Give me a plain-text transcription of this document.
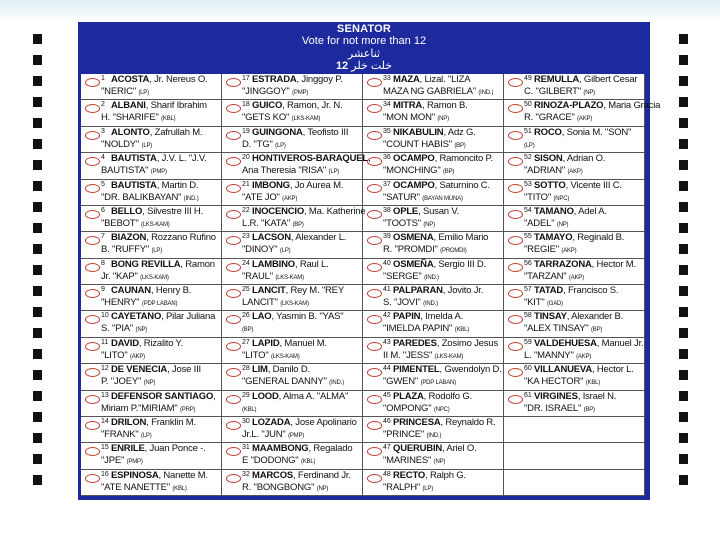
SENATOR
Vote for not more than 12
ثناعشر
12 خلت خلر
1 ACOSTA, Jr. Nereus O.
"NERIC" (LP)
17 ESTRADA, Jinggoy P.
"JINGGOY" (PMP)
33 MAZA, Lizal. "LIZA
MAZA NG GABRIELA" (IND.)
49 REMULLA, Gilbert Cesar
C. "GILBERT" (NP)
2 ALBANI, Sharif Ibrahim
H. "SHARIFE" (KBL)
18 GUICO, Ramon, Jr. N.
"GETS KO" (LKS-KAM)
34 MITRA, Ramon B.
"MON MON" (NP)
50 RINOZA-PLAZO, Maria Gracia
R. "GRACE" (AKP)
3 ALONTO, Zafrullah M.
"NOLDY" (LP)
19 GUINGONA, Teofisto III
D. "TG" (LP)
35 NIKABULIN, Adz G.
"COUNT HABIS" (BP)
51 ROCO, Sonia M. "SON"
(LP)
4 BAUTISTA, J.V. L. "J.V.
BAUTISTA" (PMP)
20 HONTIVEROS-BARAQUEL,
Ana Theresia "RISA" (LP)
36 OCAMPO, Ramoncito P.
"MONCHING" (BP)
52 SISON, Adrian O.
"ADRIAN" (AKP)
5 BAUTISTA, Martin D.
"DR. BALIKBAYAN" (IND.)
21 IMBONG, Jo Aurea M.
"ATE JO" (AKP)
37 OCAMPO, Saturnino C.
"SATUR" (BAYAN MUNA)
53 SOTTO, Vicente III C.
"TITO" (NPC)
6 BELLO, Silvestre III H.
"BEBOT" (LKS-KAM)
22 INOCENCIO, Ma. Katherine
L.R. "KATA" (BP)
38 OPLE, Susan V.
"TOOTS" (NP)
54 TAMANO, Adel A.
"ADEL" (NP)
7 BIAZON, Rozzano Rufino
B. "RUFFY" (LP)
23 LACSON, Alexander L.
"DINOY" (LP)
39 OSMENA, Emilio Mario
R. "PROMDI" (PROMDI)
55 TAMAYO, Reginald B.
"REGIE" (AKP)
8 BONG REVILLA, Ramon
Jr. "KAP" (LKS-KAM)
24 LAMBINO, Raul L.
"RAUL" (LKS-KAM)
40 OSMEÑA, Sergio III D.
"SERGE" (IND.)
56 TARRAZONA, Hector M.
"TARZAN" (AKP)
9 CAUNAN, Henry B.
"HENRY" (PDP LABAN)
25 LANCIT, Rey M. "REY
LANCIT" (LKS-KAM)
41 PALPARAN, Jovito Jr.
S. "JOVI" (IND.)
57 TATAD, Francisco S.
"KIT" (GAD)
10 CAYETANO, Pilar Juliana
S. "PIA" (NP)
26 LAO, Yasmin B. "YAS"
(BP)
42 PAPIN, Imelda A.
"IMELDA PAPIN" (KBL)
58 TINSAY, Alexander B.
"ALEX TINSAY" (BP)
11 DAVID, Rizalito Y.
"LITO" (AKP)
27 LAPID, Manuel M.
"LITO" (LKS-KAM)
43 PAREDES, Zosimo Jesus
II M. "JESS" (LKS-KAM)
59 VALDEHUESA, Manuel Jr.
L. "MANNY" (AKP)
12 DE VENECIA, Jose III
P. "JOEY" (NP)
28 LIM, Danilo D.
"GENERAL DANNY" (IND.)
44 PIMENTEL, Gwendolyn D.
"GWEN" (PDP LABAN)
60 VILLANUEVA, Hector L.
"KA HECTOR" (KBL)
13 DEFENSOR SANTIAGO,
Miriam P."MIRIAM" (PRP)
29 LOOD, Alma A. "ALMA"
(KBL)
45 PLAZA, Rodolfo G.
"OMPONG" (NPC)
61 VIRGINES, Israel N.
"DR. ISRAEL" (BP)
14 DRILON, Franklin M.
"FRANK" (LP)
30 LOZADA, Jose Apolinario
Jr.L. "JUN" (PMP)
46 PRINCESA, Reynaldo R.
"PRINCE" (IND.)
15 ENRILE, Juan Ponce -.
"JPE" (PMP)
31 MAAMBONG, Regalado
E "DODONG" (KBL)
47 QUERUBIN, Ariel O.
"MARINES" (NP)
16 ESPINOSA, Nanette M.
"ATE NANETTE" (KBL)
32 MARCOS, Ferdinand Jr.
R. "BONGBONG" (NP)
48 RECTO, Ralph G.
"RALPH" (LP)
